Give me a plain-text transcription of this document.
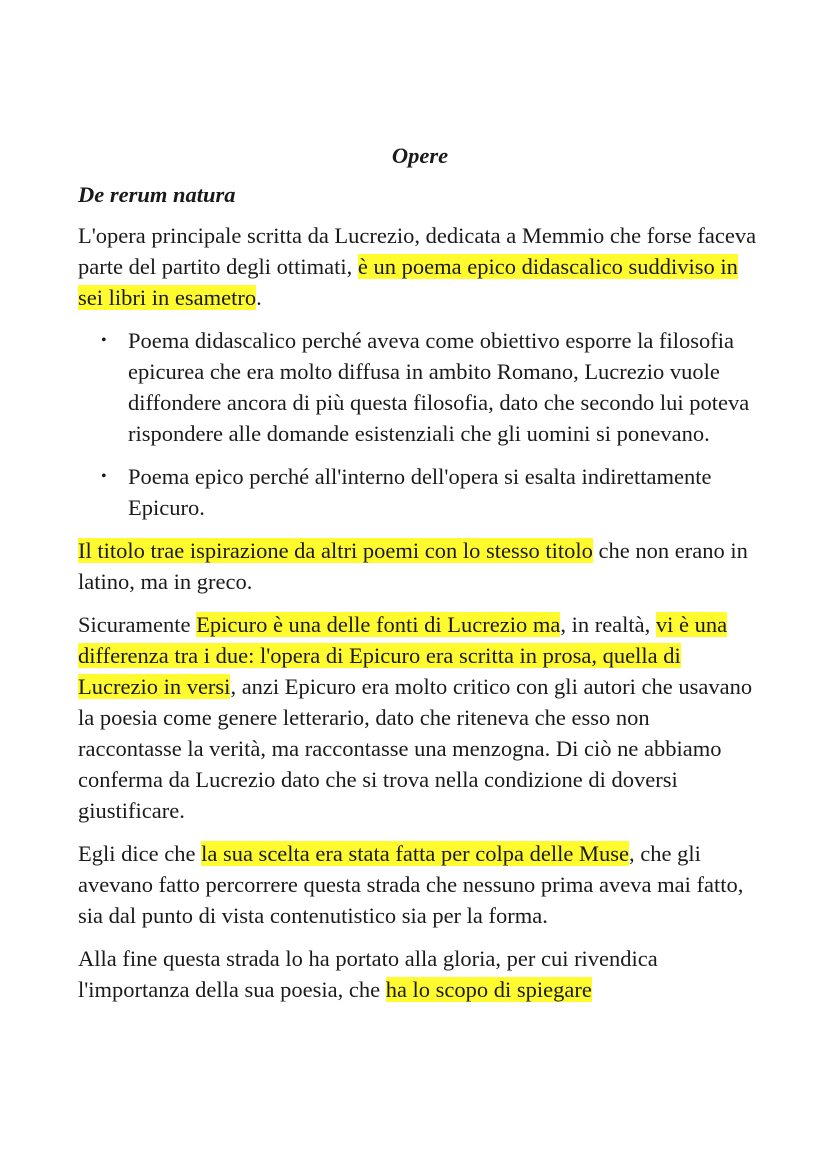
Opere
De rerum natura

L'opera principale scritta da Lucrezio, dedicata a Memmio che forse faceva parte del partito degli ottimati, è un poema epico didascalico suddiviso in sei libri in esametro.

• Poema didascalico perché aveva come obiettivo esporre la filosofia epicurea che era molto diffusa in ambito Romano, Lucrezio vuole diffondere ancora di più questa filosofia, dato che secondo lui poteva rispondere alle domande esistenziali che gli uomini si ponevano.
• Poema epico perché all'interno dell'opera si esalta indirettamente Epicuro.

Il titolo trae ispirazione da altri poemi con lo stesso titolo che non erano in latino, ma in greco.

Sicuramente Epicuro è una delle fonti di Lucrezio ma, in realtà, vi è una differenza tra i due: l'opera di Epicuro era scritta in prosa, quella di Lucrezio in versi, anzi Epicuro era molto critico con gli autori che usavano la poesia come genere letterario, dato che riteneva che esso non raccontasse la verità, ma raccontasse una menzogna. Di ciò ne abbiamo conferma da Lucrezio dato che si trova nella condizione di doversi giustificare.

Egli dice che la sua scelta era stata fatta per colpa delle Muse, che gli avevano fatto percorrere questa strada che nessuno prima aveva mai fatto, sia dal punto di vista contenutistico sia per la forma.

Alla fine questa strada lo ha portato alla gloria, per cui rivendica l'importanza della sua poesia, che ha lo scopo di spiegare
